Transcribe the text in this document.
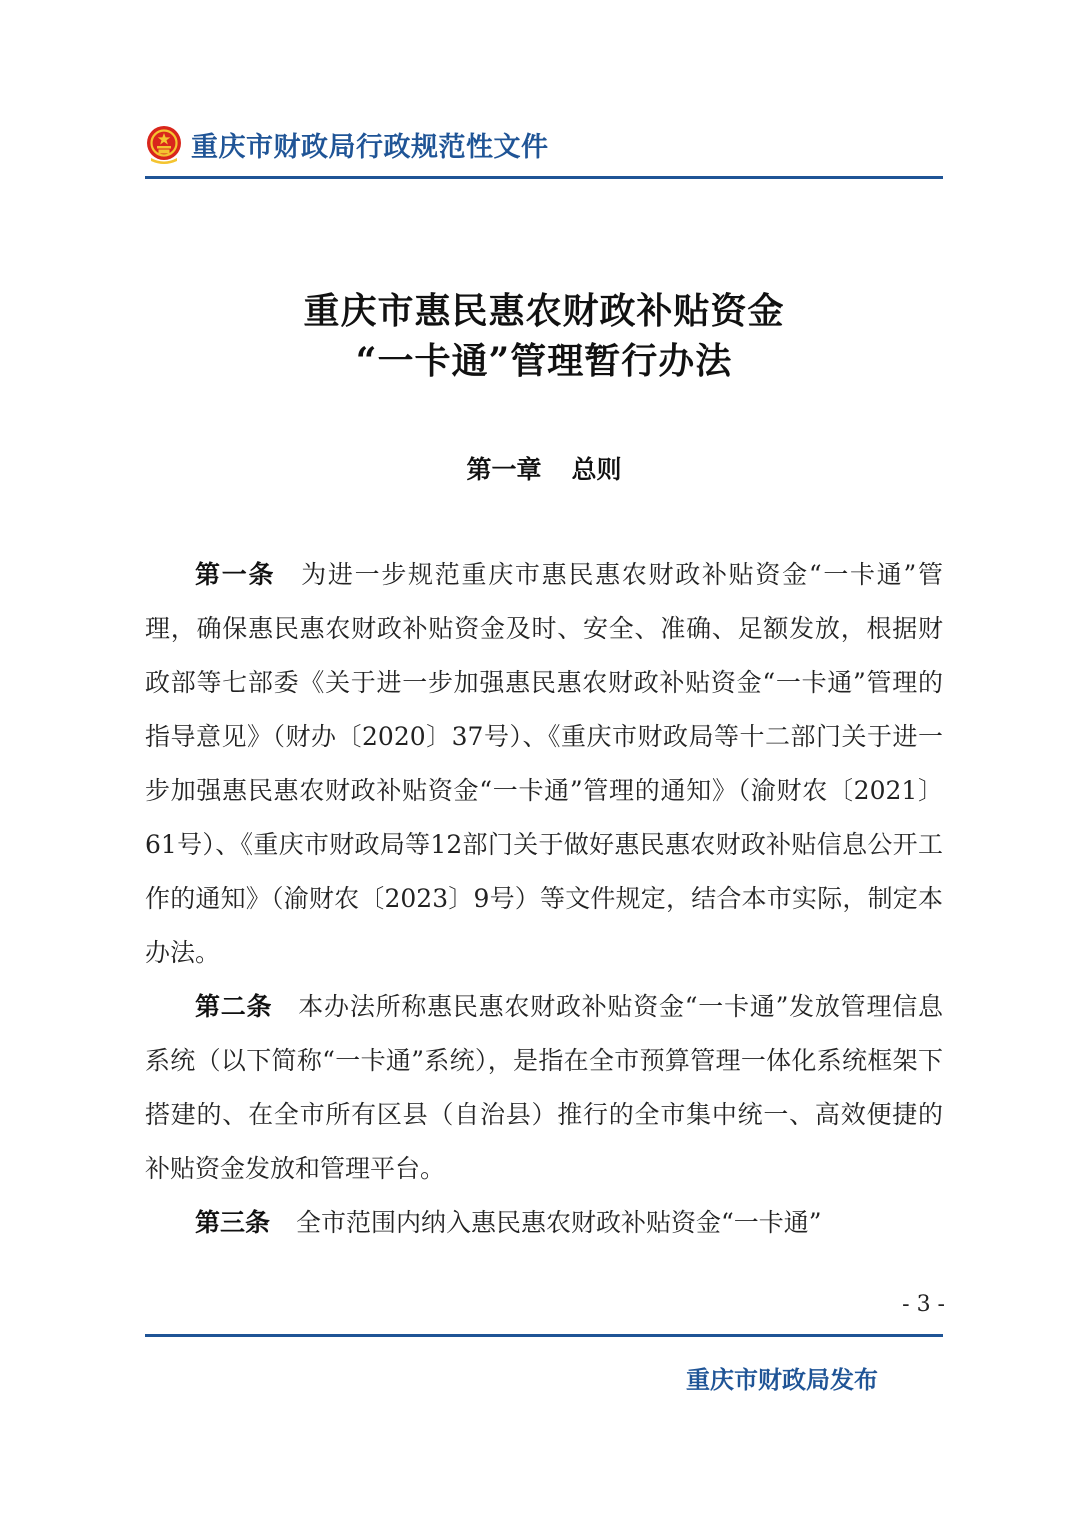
重庆市财政局行政规范性文件
重庆市惠民惠农财政补贴资金
“一卡通”管理暂行办法
第一章 总则

第一条 为进一步规范重庆市惠民惠农财政补贴资金“一卡通”管理，确保惠民惠农财政补贴资金及时、安全、准确、足额发放，根据财政部等七部委《关于进一步加强惠民惠农财政补贴资金“一卡通”管理的指导意见》（财办〔2020〕37号）、《重庆市财政局等十二部门关于进一步加强惠民惠农财政补贴资金“一卡通”管理的通知》（渝财农〔2021〕61号）、《重庆市财政局等12部门关于做好惠民惠农财政补贴信息公开工作的通知》（渝财农〔2023〕9号）等文件规定，结合本市实际，制定本办法。

第二条 本办法所称惠民惠农财政补贴资金“一卡通”发放管理信息系统（以下简称“一卡通”系统），是指在全市预算管理一体化系统框架下搭建的、在全市所有区县（自治县）推行的全市集中统一、高效便捷的补贴资金发放和管理平台。

第三条 全市范围内纳入惠民惠农财政补贴资金“一卡通”

- 3 -
重庆市财政局发布
